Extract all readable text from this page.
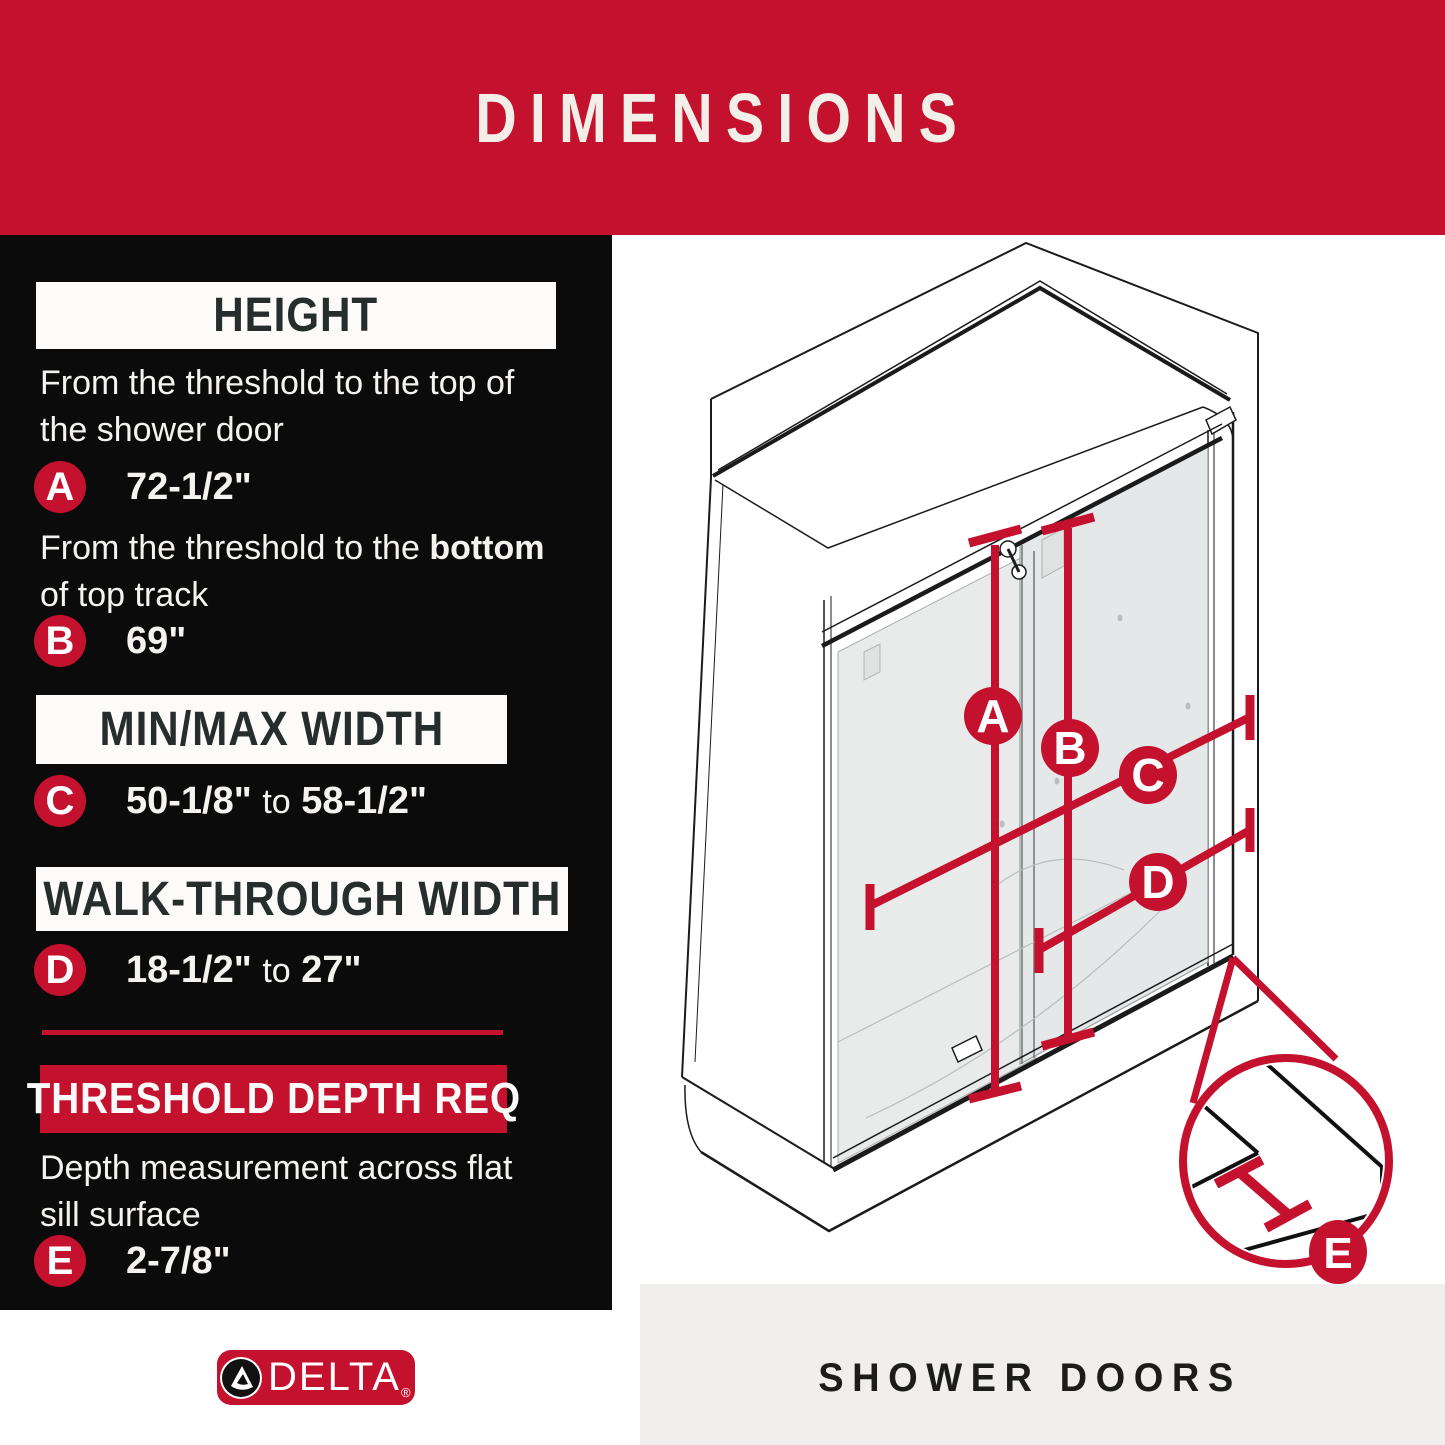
DIMENSIONS
HEIGHT
From the threshold to the top of
the shower door
A	72-1/2"
From the threshold to the bottom
of top track
B	69"
MIN/MAX WIDTH
C	50-1/8" to 58-1/2"
WALK-THROUGH WIDTH
D	18-1/2" to 27"
THRESHOLD DEPTH REQ
Depth measurement across flat
sill surface
E	2-7/8"
SHOWER DOORS
DELTA ®
A
B
C
D
E
